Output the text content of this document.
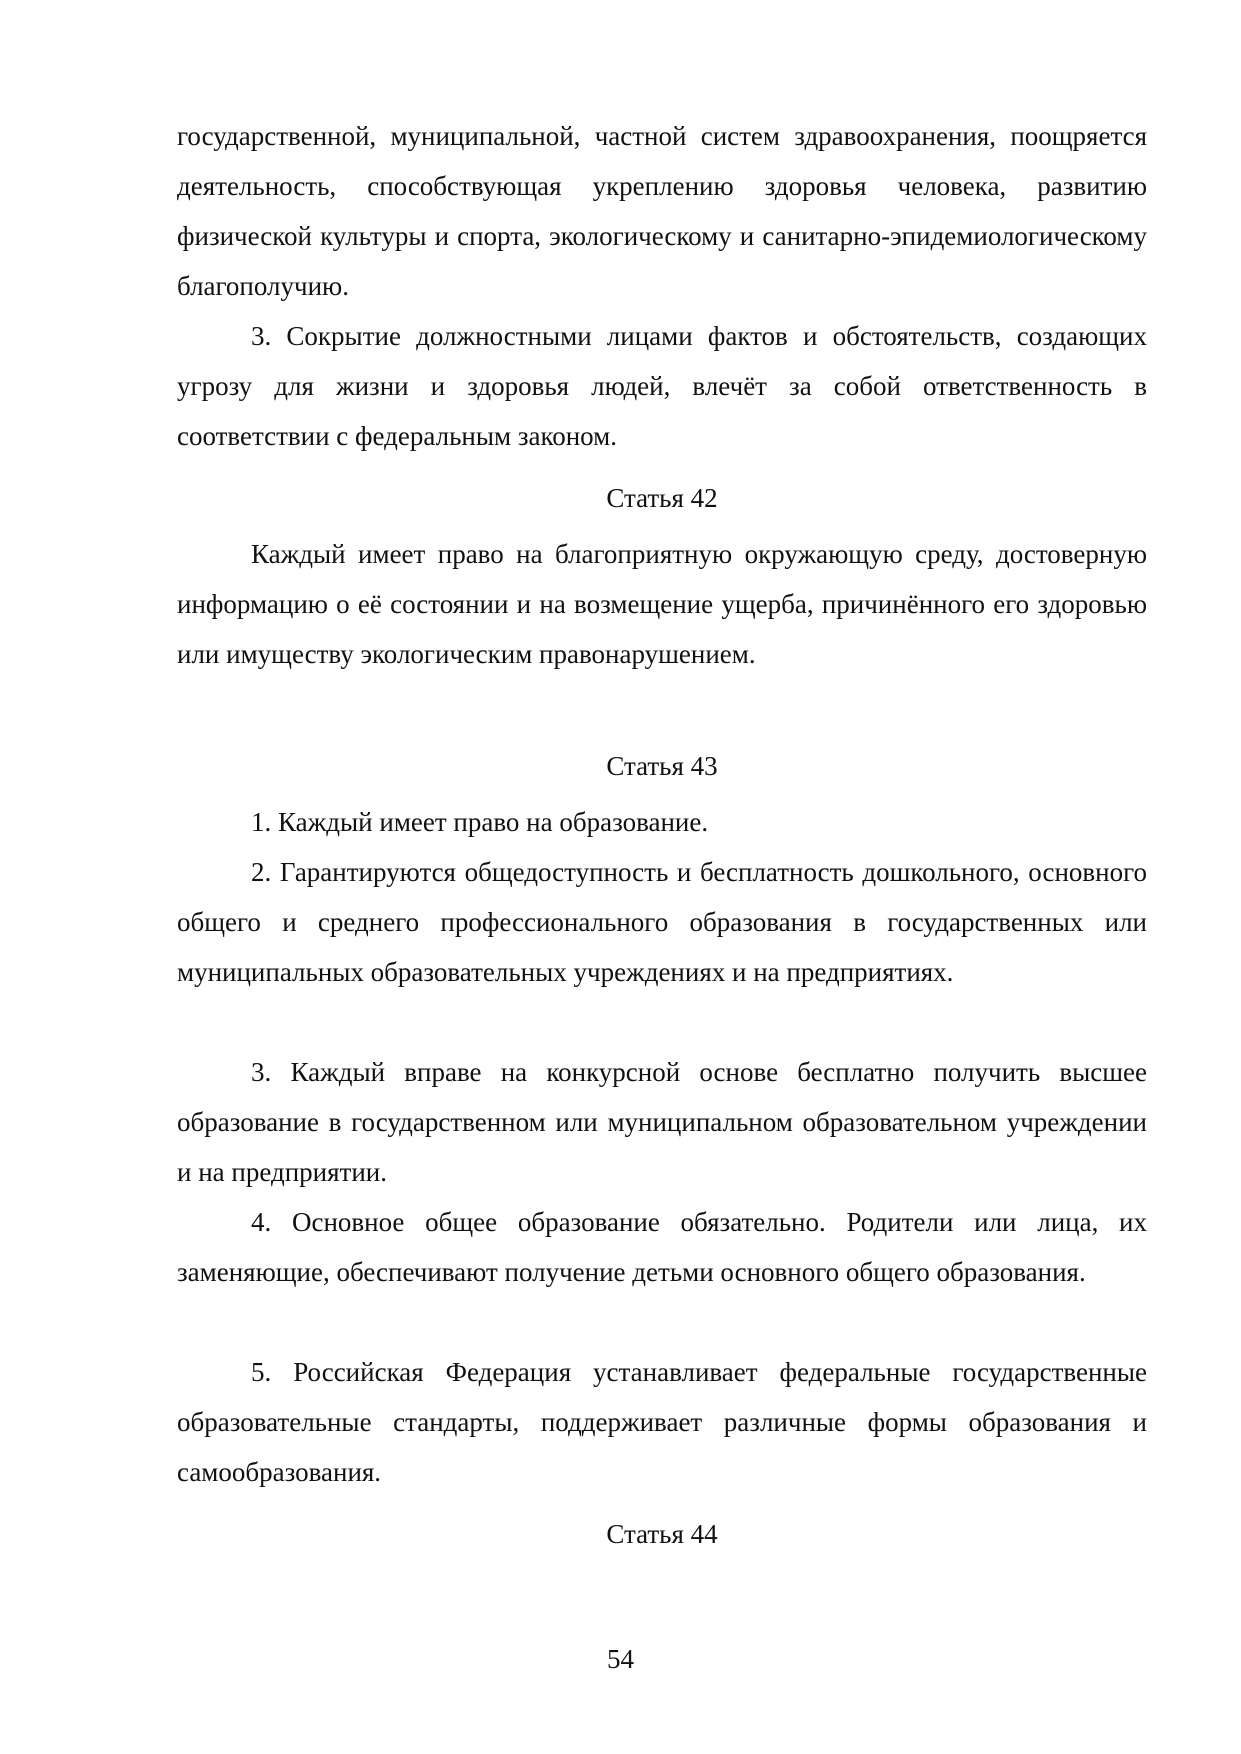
государственной, муниципальной, частной систем здравоохранения, поощряется деятельность, способствующая укреплению здоровья человека, развитию физической культуры и спорта, экологическому и санитарно-эпидемиологическому благополучию.

3. Сокрытие должностными лицами фактов и обстоятельств, создающих угрозу для жизни и здоровья людей, влечёт за собой ответственность в соответствии с федеральным законом.

Статья 42

Каждый имеет право на благоприятную окружающую среду, достоверную информацию о её состоянии и на возмещение ущерба, причинённого его здоровью или имуществу экологическим правонарушением.

Статья 43

1. Каждый имеет право на образование.

2. Гарантируются общедоступность и бесплатность дошкольного, основного общего и среднего профессионального образования в государственных или муниципальных образовательных учреждениях и на предприятиях.

3. Каждый вправе на конкурсной основе бесплатно получить высшее образование в государственном или муниципальном образовательном учреждении и на предприятии.

4. Основное общее образование обязательно. Родители или лица, их заменяющие, обеспечивают получение детьми основного общего образования.

5. Российская Федерация устанавливает федеральные государственные образовательные стандарты, поддерживает различные формы образования и самообразования.

Статья 44

54
